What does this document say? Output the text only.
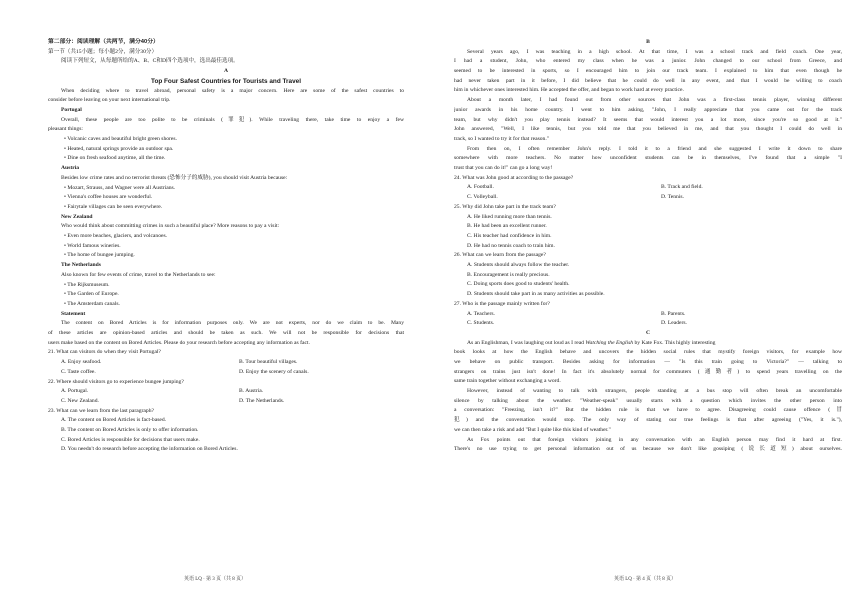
第二部分：阅读理解（共两节，满分40分）
第一节（共15小题；每小题2分，满分30分）
阅读下列短文，从每题所给的A、B、C和D四个选项中，选出最佳选项。
A
Top Four Safest Countries for Tourists and Travel
When deciding where to travel abroad, personal safety is a major concern. Here are some of the safest countries to
consider before leaving on your next international trip.
Portugal
Overall, these people are too polite to be criminals (罪犯). While traveling there, take time to enjoy a few
pleasant things:
• Volcanic caves and beautiful bright green shores.
• Heated, natural springs provide an outdoor spa.
• Dine on fresh seafood anytime, all the time.
Austria
Besides low crime rates and no terrorist threats (恐怖分子的威胁), you should visit Austria because:
• Mozart, Strauss, and Wagner were all Austrians.
• Vienna's coffee houses are wonderful.
• Fairytale villages can be seen everywhere.
New Zealand
Who would think about committing crimes in such a beautiful place? More reasons to pay a visit:
• Even more beaches, glaciers, and volcanoes.
• World famous wineries.
• The home of bungee jumping.
The Netherlands
Also known for few events of crime, travel to the Netherlands to see:
• The Rijksmuseum.
• The Garden of Europe.
• The Amsterdam canals.
Statement
The content on Bored Articles is for information purposes only. We are not experts, nor do we claim to be. Many
of these articles are opinion-based articles and should be taken as such. We will not be responsible for decisions that
users make based on the content on Bored Articles. Please do your research before accepting any information as fact.
21. What can visitors do when they visit Portugal?
A. Enjoy seafood.	B. Tour beautiful villages.
C. Taste coffee.	D. Enjoy the scenery of canals.
22. Where should visitors go to experience bungee jumping?
A. Portugal.	B. Austria.
C. New Zealand.	D. The Netherlands.
23. What can we learn from the last paragraph?
A. The content on Bored Articles is fact-based.
B. The content on Bored Articles is only to offer information.
C. Bored Articles is responsible for decisions that users make.
D. You needn't do research before accepting the information on Bored Articles.
英语 LQ · 第 3 页（共 8 页）
B
Several years ago, I was teaching in a high school. At that time, I was a school track and field coach. One year,
I had a student, John, who entered my class when he was a junior. John changed to our school from Greece, and
seemed to be interested in sports, so I encouraged him to join our track team. I explained to him that even though he
had never taken part in it before, I did believe that he could do well in any event, and that I would be willing to coach
him in whichever ones interested him. He accepted the offer, and began to work hard at every practice.
About a month later, I had found out from other sources that John was a first-class tennis player, winning different
junior awards in his home country. I went to him asking, "John, I really appreciate that you came out for the track
team, but why didn't you play tennis instead? It seems that would interest you a lot more, since you're so good at it."
John answered, "Well, I like tennis, but you told me that you believed in me, and that you thought I could do well in
track, so I wanted to try it for that reason."
From then on, I often remember John's reply. I told it to a friend and she suggested I write it down to share
somewhere with more teachers. No matter how unconfident students can be in themselves, I've found that a simple "I
trust that you can do it!" can go a long way!
24. What was John good at according to the passage?
A. Football.	B. Track and field.
C. Volleyball.	D. Tennis.
25. Why did John take part in the track team?
A. He liked running more than tennis.
B. He had been an excellent runner.
C. His teacher had confidence in him.
D. He had no tennis coach to train him.
26. What can we learn from the passage?
A. Students should always follow the teacher.
B. Encouragement is really precious.
C. Doing sports does good to students' health.
D. Students should take part in as many activities as possible.
27. Who is the passage mainly written for?
A. Teachers.	B. Parents.
C. Students.	D. Leaders.
C
As an Englishman, I was laughing out loud as I read Watching the English by Kate Fox. This highly interesting
book looks at how the English behave and uncovers the hidden social rules that mystify foreign visitors, for example how
we behave on public transport. Besides asking for information — "Is this train going to Victoria?" — talking to
strangers on trains just isn't done! In fact it's absolutely normal for commuters (通勤者) to spend years travelling on the
same train together without exchanging a word.
However, instead of wanting to talk with strangers, people standing at a bus stop will often break an uncomfortable
silence by talking about the weather. "Weather-speak" usually starts with a question which invites the other person into
a conversation: "Freezing, isn't it?" But the hidden rule is that we have to agree. Disagreeing could cause offence (冒
犯) and the conversation would stop. The only way of stating our true feelings is that after agreeing ("Yes, it is."),
we can then take a risk and add "But I quite like this kind of weather."
As Fox points out that foreign visitors joining in any conversation with an English person may find it hard at first.
There's no use trying to get personal information out of us because we don't like gossiping (说长道短) about ourselves.
英语 LQ · 第 4 页（共 8 页）
